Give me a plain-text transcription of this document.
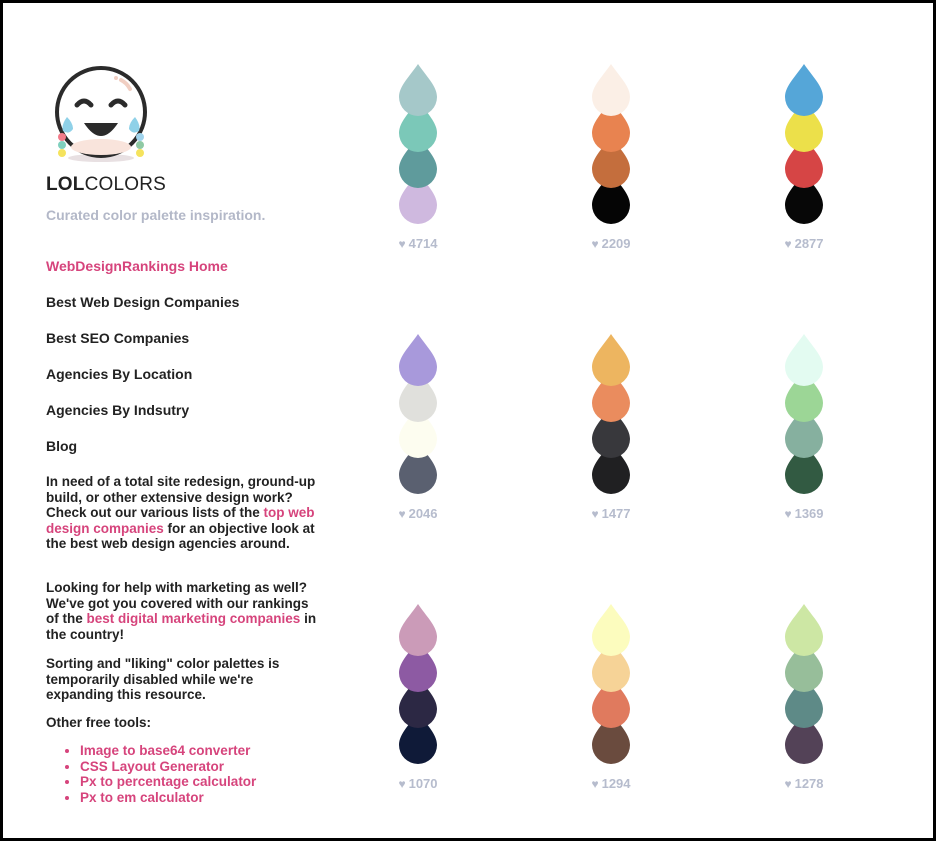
LOLCOLORS
Curated color palette inspiration.
WebDesignRankings Home
Best Web Design Companies
Best SEO Companies
Agencies By Location
Agencies By Indsutry
Blog

In need of a total site redesign, ground-up build, or other extensive design work? Check out our various lists of the top web design companies for an objective look at the best web design agencies around.

Looking for help with marketing as well? We've got you covered with our rankings of the best digital marketing companies in the country!

Sorting and "liking" color palettes is temporarily disabled while we're expanding this resource.

Other free tools:
• Image to base64 converter
• CSS Layout Generator
• Px to percentage calculator
• Px to em calculator
♥ 4714	♥ 2209	♥ 2877
♥ 2046	♥ 1477	♥ 1369
♥ 1070	♥ 1294	♥ 1278
